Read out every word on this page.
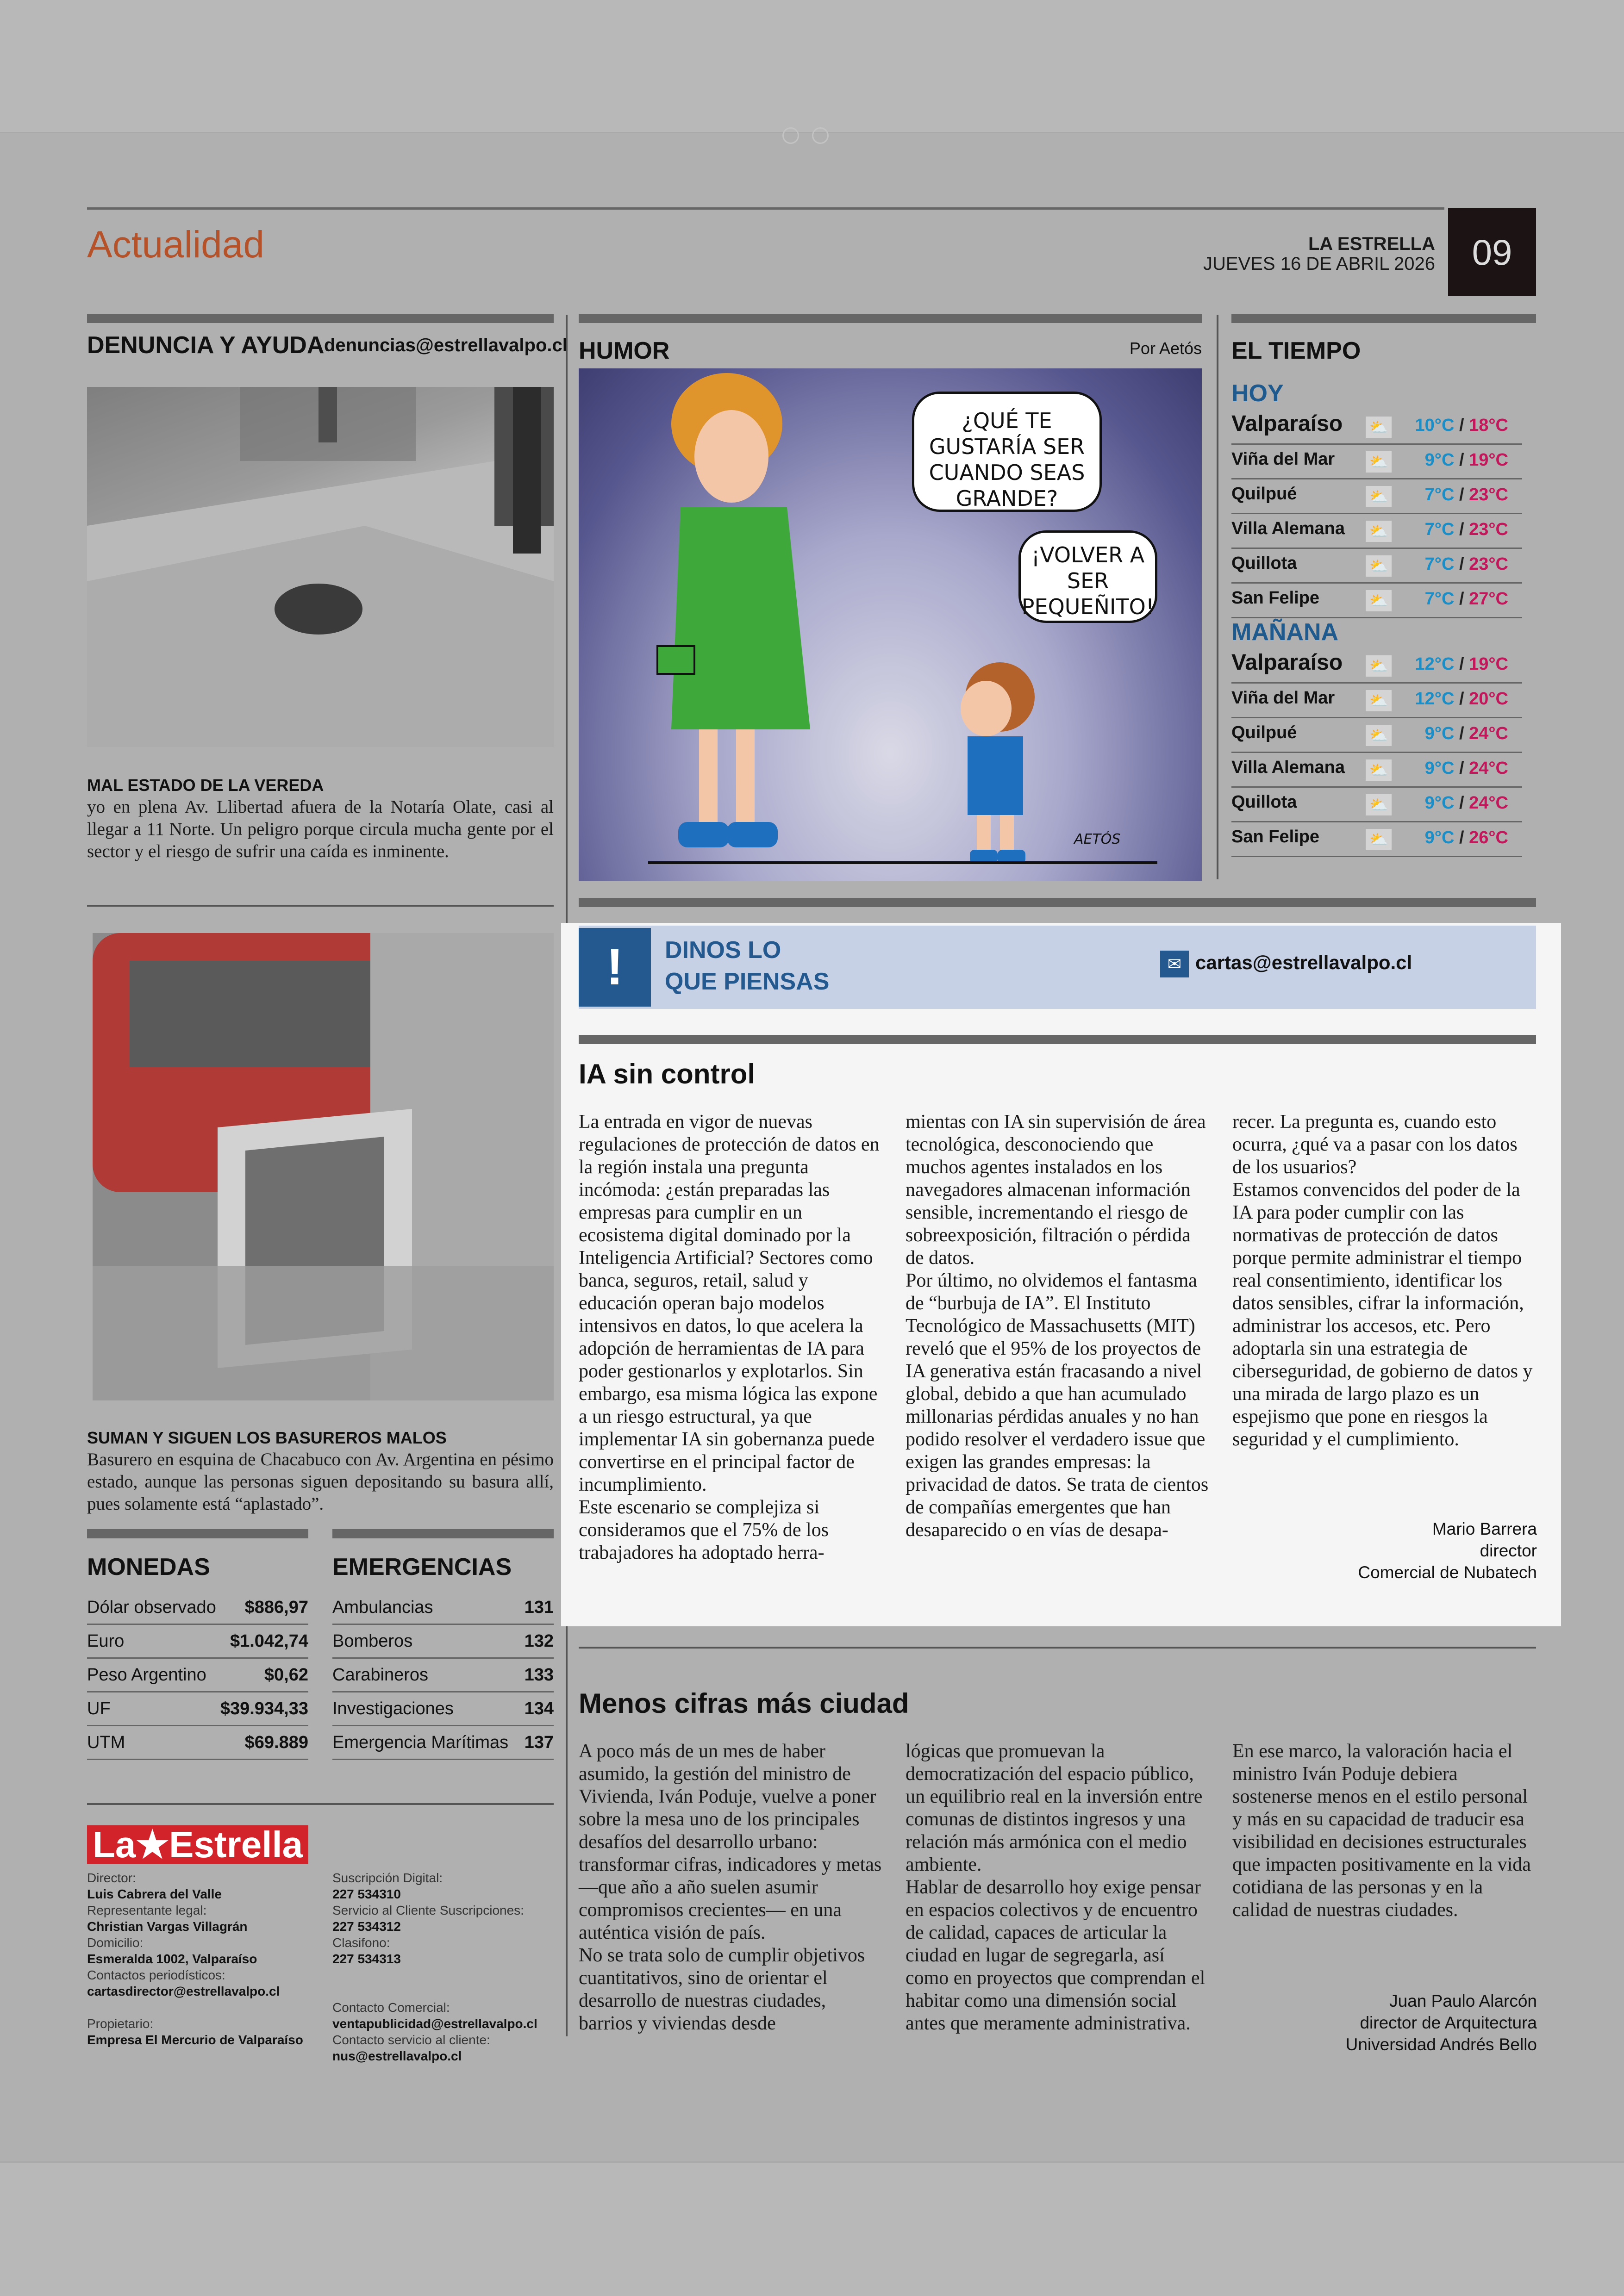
Actualidad	LA ESTRELLA
JUEVES 16 DE ABRIL 2026	09
DENUNCIA Y AYUDA denuncias@estrellavalpo.cl
MAL ESTADO DE LA VEREDA
yo en plena Av. Llibertad afuera de la Notaría Olate, casi al llegar a 11 Norte. Un peligro porque circula mucha gente por el sector y el riesgo de sufrir una caída es inminente.
SUMAN Y SIGUEN LOS BASUREROS MALOS
Basurero en esquina de Chacabuco con Av. Argentina en pésimo estado, aunque las personas siguen depositando su basura allí, pues solamente está “aplastado”.
HUMOR	Por Aetós
¿QUÉ TE GUSTARÍA SER CUANDO SEAS GRANDE?
¡VOLVER A SER PEQUEÑITO!
AETÓS
EL TIEMPO
HOY
Valparaíso ⛅ 10°C / 18°C
Viña del Mar ⛅ 9°C / 19°C
Quilpué	⛅ 7°C / 23°C
Villa Alemana ⛅ 7°C / 23°C
Quillota	⛅ 7°C / 23°C
San Felipe	⛅ 7°C / 27°C
MAÑANA
Valparaíso ⛅ 12°C / 19°C
Viña del Mar ⛅ 12°C / 20°C
Quilpué	⛅ 9°C / 24°C
Villa Alemana ⛅ 9°C / 24°C
Quillota	⛅ 9°C / 24°C
San Felipe	⛅ 9°C / 26°C
!	DINOS LO
QUE PIENSAS
✉ cartas@estrellavalpo.cl
IA sin control
La entrada en vigor de nuevas regulaciones de protección de datos en la región instala una pregunta incómoda: ¿están preparadas las empresas para cumplir en un ecosistema digital dominado por la Inteligencia Artificial? Sectores como banca, seguros, retail, salud y educación operan bajo modelos intensivos en datos, lo que acelera la adopción de herramientas de IA para poder gestionarlos y explotarlos. Sin embargo, esa misma lógica las expone a un riesgo estructural, ya que implementar IA sin gobernanza puede convertirse en el principal factor de incumplimiento.
Este escenario se complejiza si consideramos que el 75% de los trabajadores ha adoptado herra-
mientas con IA sin supervisión de área tecnológica, desconociendo que muchos agentes instalados en los navegadores almacenan información sensible, incrementando el riesgo de sobreexposición, filtración o pérdida de datos.
Por último, no olvidemos el fantasma de “burbuja de IA”. El Instituto Tecnológico de Massachusetts (MIT) reveló que el 95% de los proyectos de IA generativa están fracasando a nivel global, debido a que han acumulado millonarias pérdidas anuales y no han podido resolver el verdadero issue que exigen las grandes empresas: la privacidad de datos. Se trata de cientos de compañías emergentes que han desaparecido o en vías de desapa-
recer. La pregunta es, cuando esto ocurra, ¿qué va a pasar con los datos de los usuarios?
Estamos convencidos del poder de la IA para poder cumplir con las normativas de protección de datos porque permite administrar el tiempo real consentimiento, identificar los datos sensibles, cifrar la información, administrar los accesos, etc. Pero adoptarla sin una estrategia de ciberseguridad, de gobierno de datos y una mirada de largo plazo es un espejismo que pone en riesgos la seguridad y el cumplimiento.
Mario Barrera
director
Comercial de Nubatech
Menos cifras más ciudad
A poco más de un mes de haber asumido, la gestión del ministro de Vivienda, Iván Poduje, vuelve a poner sobre la mesa uno de los principales desafíos del desarrollo urbano: transformar cifras, indicadores y metas —que año a año suelen asumir compromisos crecientes— en una auténtica visión de país.
No se trata solo de cumplir objetivos cuantitativos, sino de orientar el desarrollo de nuestras ciudades, barrios y viviendas desde
lógicas que promuevan la democratización del espacio público, un equilibrio real en la inversión entre comunas de distintos ingresos y una relación más armónica con el medio ambiente.
Hablar de desarrollo hoy exige pensar en espacios colectivos y de encuentro de calidad, capaces de articular la ciudad en lugar de segregarla, así como en proyectos que comprendan el habitar como una dimensión social antes que meramente administrativa.
En ese marco, la valoración hacia el ministro Iván Poduje debiera sostenerse menos en el estilo personal y más en su capacidad de traducir esa visibilidad en decisiones estructurales que impacten positivamente en la vida cotidiana de las personas y en la calidad de nuestras ciudades.
Juan Paulo Alarcón
director de Arquitectura
Universidad Andrés Bello
MONEDAS	EMERGENCIAS
Dólar observado $886,97
Euro	$1.042,74
Peso Argentino	$0,62
UF	$39.934,33
UTM	$69.889
Ambulancias	131
Bomberos	132
Carabineros	133
Investigaciones	134
Emergencia Marítimas 137
La★Estrella
Director:
Luis Cabrera del Valle
Representante legal:
Christian Vargas Villagrán
Domicilio:
Esmeralda 1002, Valparaíso
Contactos periodísticos:
cartasdirector@estrellavalpo.cl
Propietario:
Empresa El Mercurio de Valparaíso
Suscripción Digital:
227 534310
Servicio al Cliente Suscripciones:
227 534312
Clasifono:
227 534313
Contacto Comercial:
ventapublicidad@estrellavalpo.cl
Contacto servicio al cliente:
nus@estrellavalpo.cl
